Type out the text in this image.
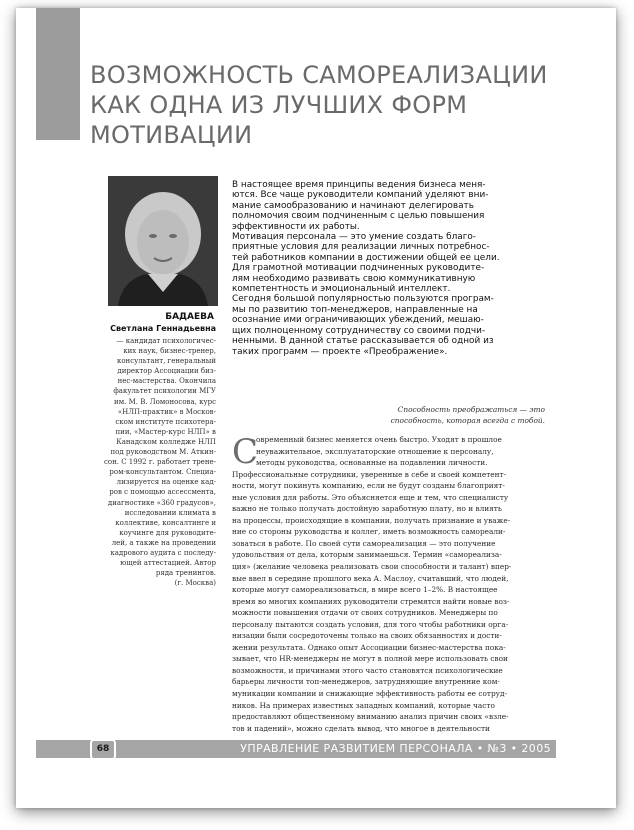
ВОЗМОЖНОСТЬ САМОРЕАЛИЗАЦИИ
КАК ОДНА ИЗ ЛУЧШИХ ФОРМ
МОТИВАЦИИ
БАДАЕВА
Светлана Геннадьевна
— кандидат психологичес-
ких наук, бизнес-тренер,
консультант, генеральный
директор Ассоциации биз-
нес-мастерства. Окончила
факультет психологии МГУ
им. М. В. Ломоносова, курс
«НЛП-практик» в Москов-
ском институте психотера-
пии, «Мастер-курс НЛП» в
Канадском колледже НЛП
под руководством М. Аткин-
сон. С 1992 г. работает трене-
ром-консультантом. Специа-
лизируется на оценке кад-
ров с помощью ассессмента,
диагностике «360 градусов»,
исследовании климата в
коллективе, консалтинге и
коучинге для руководите-
лей, а также на проведении
кадрового аудита с последу-
ющей аттестацией. Автор
ряда тренингов.
(г. Москва)
В настоящее время принципы ведения бизнеса меня-
ются. Все чаще руководители компаний уделяют вни-
мание самообразованию и начинают делегировать
полномочия своим подчиненным с целью повышения
эффективности их работы.
Мотивация персонала — это умение создать благо-
приятные условия для реализации личных потребнос-
тей работников компании в достижении общей ее цели.
Для грамотной мотивации подчиненных руководите-
лям необходимо развивать свою коммуникативную
компетентность и эмоциональный интеллект.
Сегодня большой популярностью пользуются програм-
мы по развитию топ-менеджеров, направленные на
осознание ими ограничивающих убеждений, мешаю-
щих полноценному сотрудничеству со своими подчи-
ненными. В данной статье рассказывается об одной из
таких программ — проекте «Преображение».
Способность преображаться — это
способность, которая всегда с тобой.
С
овременный бизнес меняется очень быстро. Уходят в прошлое
неуважительное, эксплуататорские отношение к персоналу,
методы руководства, основанные на подавлении личности.
Профессиональные сотрудники, уверенные в себе и своей компетент-
ности, могут покинуть компанию, если не будут созданы благоприят-
ные условия для работы. Это объясняется еще и тем, что специалисту
важно не только получать достойную заработную плату, но и влиять
на процессы, происходящие в компании, получать признание и уваже-
ние со стороны руководства и коллег, иметь возможность самореали-
зоваться в работе. По своей сути самореализация — это получение
удовольствия от дела, которым занимаешься. Термин «самореализа-
ция» (желание человека реализовать свои способности и талант) впер-
вые ввел в середине прошлого века А. Маслоу, считавший, что людей,
которые могут самореализоваться, в мире всего 1–2%. В настоящее
время во многих компаниях руководители стремятся найти новые воз-
можности повышения отдачи от своих сотрудников. Менеджеры по
персоналу пытаются создать условия, для того чтобы работники орга-
низации были сосредоточены только на своих обязанностях и дости-
жении результата. Однако опыт Ассоциации бизнес-мастерства пока-
зывает, что HR-менеджеры не могут в полной мере использовать свои
возможности, и причинами этого часто становятся психологические
барьеры личности топ-менеджеров, затрудняющие внутренние ком-
муникации компании и снижающие эффективность работы ее сотруд-
ников. На примерах известных западных компаний, которые часто
предоставляют общественному вниманию анализ причин своих «взле-
тов и падений», можно сделать вывод, что многое в деятельности
68	УПРАВЛЕНИЕ РАЗВИТИЕМ ПЕРСОНАЛА • №3 • 2005
